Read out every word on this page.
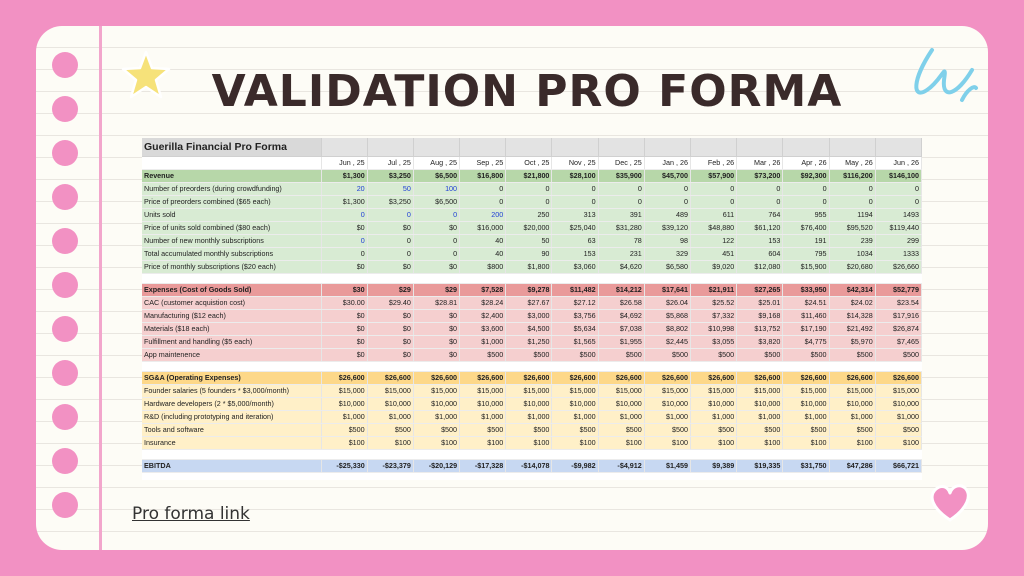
VALIDATION PRO FORMA
Guerilla Financial Pro Forma													
	Jun , 25	Jul , 25	Aug , 25	Sep , 25	Oct , 25	Nov , 25	Dec , 25	Jan , 26	Feb , 26	Mar , 26	Apr , 26	May , 26	Jun , 26
Revenue	$1,300	$3,250	$6,500	$16,800	$21,800	$28,100	$35,900	$45,700	$57,900	$73,200	$92,300	$116,200	$146,100
Number of preorders (during crowdfunding)	20	50	100	0	0	0	0	0	0	0	0	0	0
Price of preorders combined ($65 each)	$1,300	$3,250	$6,500	0	0	0	0	0	0	0	0	0	0
Units sold	0	0	0	200	250	313	391	489	611	764	955	1194	1493
Price of units sold combined ($80 each)	$0	$0	$0	$16,000	$20,000	$25,040	$31,280	$39,120	$48,880	$61,120	$76,400	$95,520	$119,440
Number of new monthly subscriptions	0	0	0	40	50	63	78	98	122	153	191	239	299
Total accumulated monthly subscriptions	0	0	0	40	90	153	231	329	451	604	795	1034	1333
Price of monthly subscriptions ($20 each)	$0	$0	$0	$800	$1,800	$3,060	$4,620	$6,580	$9,020	$12,080	$15,900	$20,680	$26,660

Expenses (Cost of Goods Sold)	$30	$29	$29	$7,528	$9,278	$11,482	$14,212	$17,641	$21,911	$27,265	$33,950	$42,314	$52,779
CAC (customer acquistion cost)	$30.00	$29.40	$28.81	$28.24	$27.67	$27.12	$26.58	$26.04	$25.52	$25.01	$24.51	$24.02	$23.54
Manufacturing ($12 each)	$0	$0	$0	$2,400	$3,000	$3,756	$4,692	$5,868	$7,332	$9,168	$11,460	$14,328	$17,916
Materials ($18 each)	$0	$0	$0	$3,600	$4,500	$5,634	$7,038	$8,802	$10,998	$13,752	$17,190	$21,492	$26,874
Fulfillment and handling ($5 each)	$0	$0	$0	$1,000	$1,250	$1,565	$1,955	$2,445	$3,055	$3,820	$4,775	$5,970	$7,465
App maintenence	$0	$0	$0	$500	$500	$500	$500	$500	$500	$500	$500	$500	$500

SG&A (Operating Expenses)	$26,600	$26,600	$26,600	$26,600	$26,600	$26,600	$26,600	$26,600	$26,600	$26,600	$26,600	$26,600	$26,600
Founder salaries (5 founders * $3,000/month)	$15,000	$15,000	$15,000	$15,000	$15,000	$15,000	$15,000	$15,000	$15,000	$15,000	$15,000	$15,000	$15,000
Hardware developers (2 * $5,000/month)	$10,000	$10,000	$10,000	$10,000	$10,000	$10,000	$10,000	$10,000	$10,000	$10,000	$10,000	$10,000	$10,000
R&D (including prototyping and iteration)	$1,000	$1,000	$1,000	$1,000	$1,000	$1,000	$1,000	$1,000	$1,000	$1,000	$1,000	$1,000	$1,000
Tools and software	$500	$500	$500	$500	$500	$500	$500	$500	$500	$500	$500	$500	$500
Insurance	$100	$100	$100	$100	$100	$100	$100	$100	$100	$100	$100	$100	$100

EBITDA	-$25,330	-$23,379	-$20,129	-$17,328	-$14,078	-$9,982	-$4,912	$1,459	$9,389	$19,335	$31,750	$47,286	$66,721
Pro forma link
